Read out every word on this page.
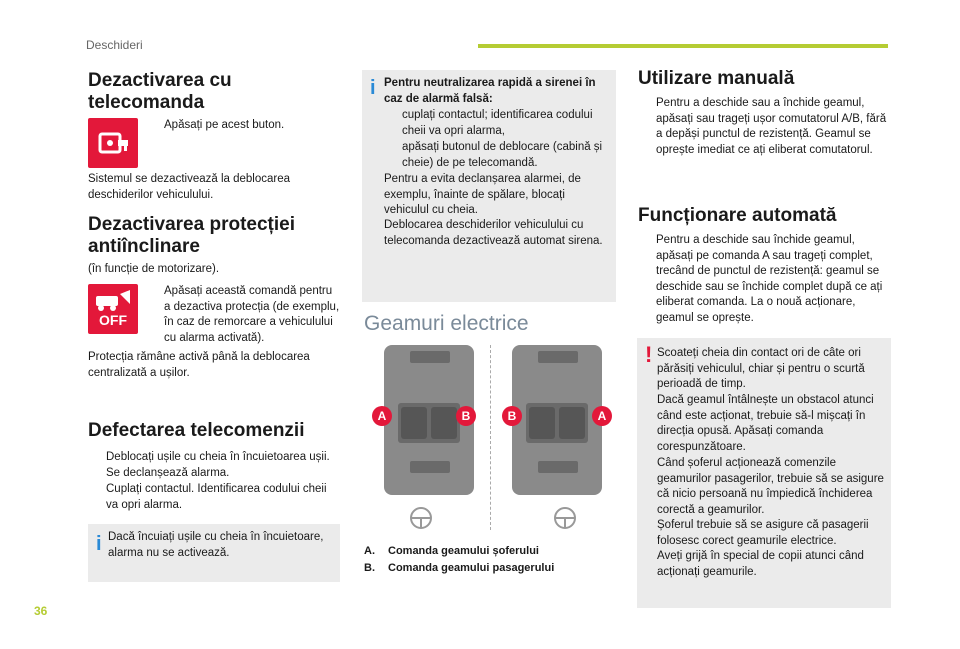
Deschideri
Dezactivarea cu telecomanda
Apăsați pe acest buton.
Sistemul se dezactivează la deblocarea deschiderilor vehiculului.
Dezactivarea protecției antiînclinare
(în funcție de motorizare).
OFF
Apăsați această comandă pentru a dezactiva protecția (de exemplu, în caz de remorcare a vehiculului cu alarma activată).
Protecția rămâne activă până la deblocarea centralizată a ușilor.
Defectarea telecomenzii
Deblocați ușile cu cheia în încuietoarea ușii. Se declanșează alarma.
Cuplați contactul. Identificarea codului cheii va opri alarma.
i Dacă încuiați ușile cu cheia în încuietoare, alarma nu se activează.
i Pentru neutralizarea rapidă a sirenei în caz de alarmă falsă:
cuplați contactul; identificarea codului cheii va opri alarma,
apăsați butonul de deblocare (cabină și cheie) de pe telecomandă.
Pentru a evita declanșarea alarmei, de exemplu, înainte de spălare, blocați vehiculul cu cheia.
Deblocarea deschiderilor vehiculului cu telecomanda dezactivează automat sirena.
Geamuri electrice
A	B	B	A
A. Comanda geamului șoferului
B. Comanda geamului pasagerului
Utilizare manuală
Pentru a deschide sau a închide geamul, apăsați sau trageți ușor comutatorul A/B, fără a depăși punctul de rezistență. Geamul se oprește imediat ce ați eliberat comutatorul.
Funcționare automată
Pentru a deschide sau închide geamul, apăsați pe comanda A sau trageți complet, trecând de punctul de rezistență: geamul se deschide sau se închide complet după ce ați eliberat comanda. La o nouă acționare, geamul se oprește.
! Scoateți cheia din contact ori de câte ori părăsiți vehiculul, chiar și pentru o scurtă perioadă de timp.
Dacă geamul întâlnește un obstacol atunci când este acționat, trebuie să-l mișcați în direcția opusă. Apăsați comanda corespunzătoare.
Când șoferul acționează comenzile geamurilor pasagerilor, trebuie să se asigure că nicio persoană nu împiedică închiderea corectă a geamurilor.
Șoferul trebuie să se asigure că pasagerii folosesc corect geamurile electrice.
Aveți grijă în special de copii atunci când acționați geamurile.
36
